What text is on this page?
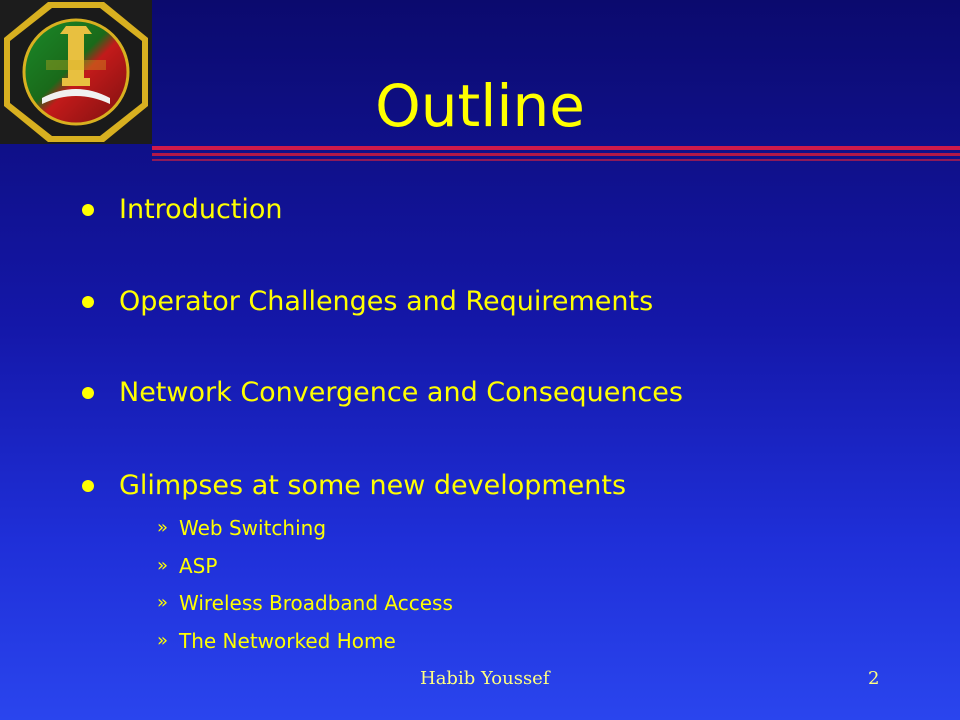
Outline
Introduction
Operator Challenges and Requirements
Network Convergence and Consequences
Glimpses at some new developments
» Web Switching
» ASP
» Wireless Broadband Access
» The Networked Home
Habib Youssef	2
